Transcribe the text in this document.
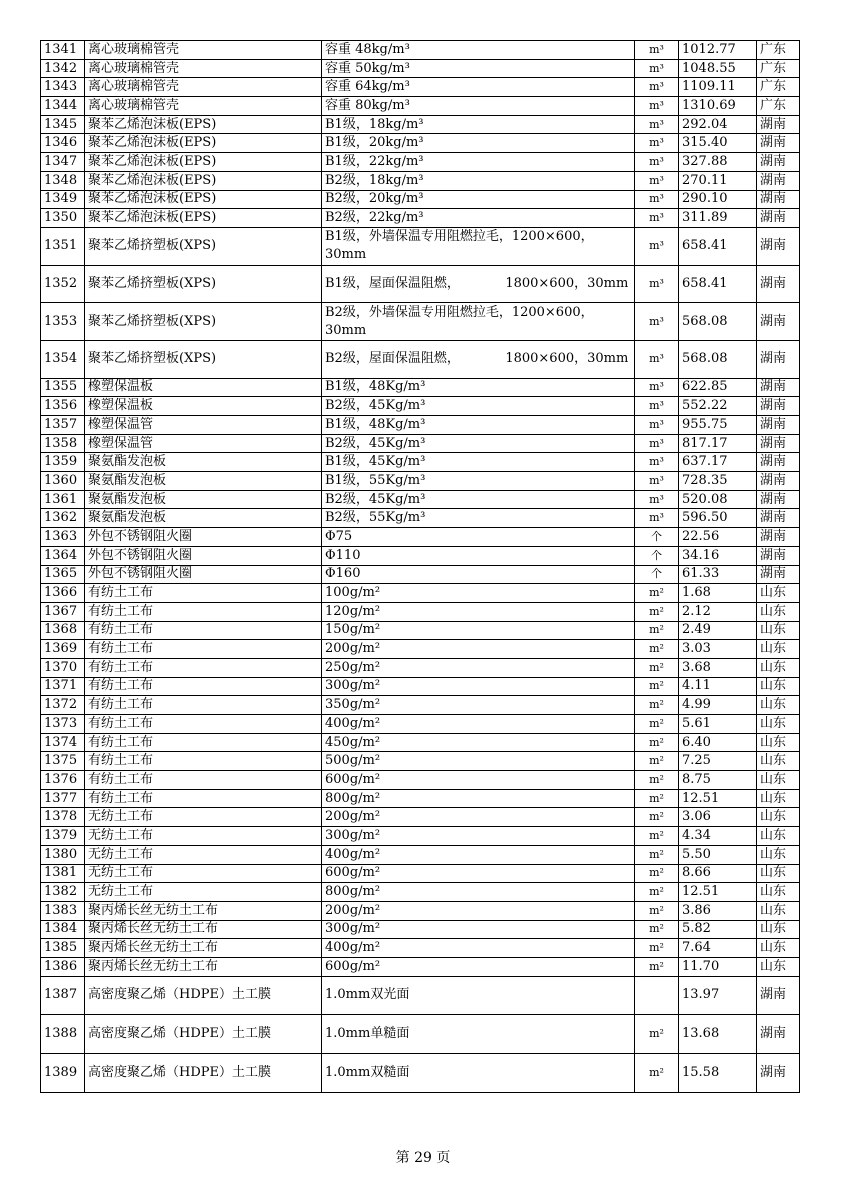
1341	离心玻璃棉管壳	容重 48kg/m³	m³	1012.77	广东
1342	离心玻璃棉管壳	容重 50kg/m³	m³	1048.55	广东
1343	离心玻璃棉管壳	容重 64kg/m³	m³	1109.11	广东
1344	离心玻璃棉管壳	容重 80kg/m³	m³	1310.69	广东
1345	聚苯乙烯泡沫板(EPS)	B1级，18kg/m³	m³	292.04	湖南
1346	聚苯乙烯泡沫板(EPS)	B1级，20kg/m³	m³	315.40	湖南
1347	聚苯乙烯泡沫板(EPS)	B1级，22kg/m³	m³	327.88	湖南
1348	聚苯乙烯泡沫板(EPS)	B2级，18kg/m³	m³	270.11	湖南
1349	聚苯乙烯泡沫板(EPS)	B2级，20kg/m³	m³	290.10	湖南
1350	聚苯乙烯泡沫板(EPS)	B2级，22kg/m³	m³	311.89	湖南
1351	聚苯乙烯挤塑板(XPS)	B1级，外墙保温专用阻燃拉毛，1200×600，30mm	m³	658.41	湖南
1352	聚苯乙烯挤塑板(XPS)	B1级，屋面保温阻燃，　　　　1800×600，30mm	m³	658.41	湖南
1353	聚苯乙烯挤塑板(XPS)	B2级，外墙保温专用阻燃拉毛，1200×600，30mm	m³	568.08	湖南
1354	聚苯乙烯挤塑板(XPS)	B2级，屋面保温阻燃，　　　　1800×600，30mm	m³	568.08	湖南
1355	橡塑保温板	B1级，48Kg/m³	m³	622.85	湖南
1356	橡塑保温板	B2级，45Kg/m³	m³	552.22	湖南
1357	橡塑保温管	B1级，48Kg/m³	m³	955.75	湖南
1358	橡塑保温管	B2级，45Kg/m³	m³	817.17	湖南
1359	聚氨酯发泡板	B1级，45Kg/m³	m³	637.17	湖南
1360	聚氨酯发泡板	B1级，55Kg/m³	m³	728.35	湖南
1361	聚氨酯发泡板	B2级，45Kg/m³	m³	520.08	湖南
1362	聚氨酯发泡板	B2级，55Kg/m³	m³	596.50	湖南
1363	外包不锈钢阻火圈	Φ75	个	22.56	湖南
1364	外包不锈钢阻火圈	Φ110	个	34.16	湖南
1365	外包不锈钢阻火圈	Φ160	个	61.33	湖南
1366	有纺土工布	100g/m²	m²	1.68	山东
1367	有纺土工布	120g/m²	m²	2.12	山东
1368	有纺土工布	150g/m²	m²	2.49	山东
1369	有纺土工布	200g/m²	m²	3.03	山东
1370	有纺土工布	250g/m²	m²	3.68	山东
1371	有纺土工布	300g/m²	m²	4.11	山东
1372	有纺土工布	350g/m²	m²	4.99	山东
1373	有纺土工布	400g/m²	m²	5.61	山东
1374	有纺土工布	450g/m²	m²	6.40	山东
1375	有纺土工布	500g/m²	m²	7.25	山东
1376	有纺土工布	600g/m²	m²	8.75	山东
1377	有纺土工布	800g/m²	m²	12.51	山东
1378	无纺土工布	200g/m²	m²	3.06	山东
1379	无纺土工布	300g/m²	m²	4.34	山东
1380	无纺土工布	400g/m²	m²	5.50	山东
1381	无纺土工布	600g/m²	m²	8.66	山东
1382	无纺土工布	800g/m²	m²	12.51	山东
1383	聚丙烯长丝无纺土工布	200g/m²	m²	3.86	山东
1384	聚丙烯长丝无纺土工布	300g/m²	m²	5.82	山东
1385	聚丙烯长丝无纺土工布	400g/m²	m²	7.64	山东
1386	聚丙烯长丝无纺土工布	600g/m²	m²	11.70	山东
1387	高密度聚乙烯（HDPE）土工膜	1.0mm双光面		13.97	湖南
1388	高密度聚乙烯（HDPE）土工膜	1.0mm单糙面	m²	13.68	湖南
1389	高密度聚乙烯（HDPE）土工膜	1.0mm双糙面	m²	15.58	湖南
第 29 页
